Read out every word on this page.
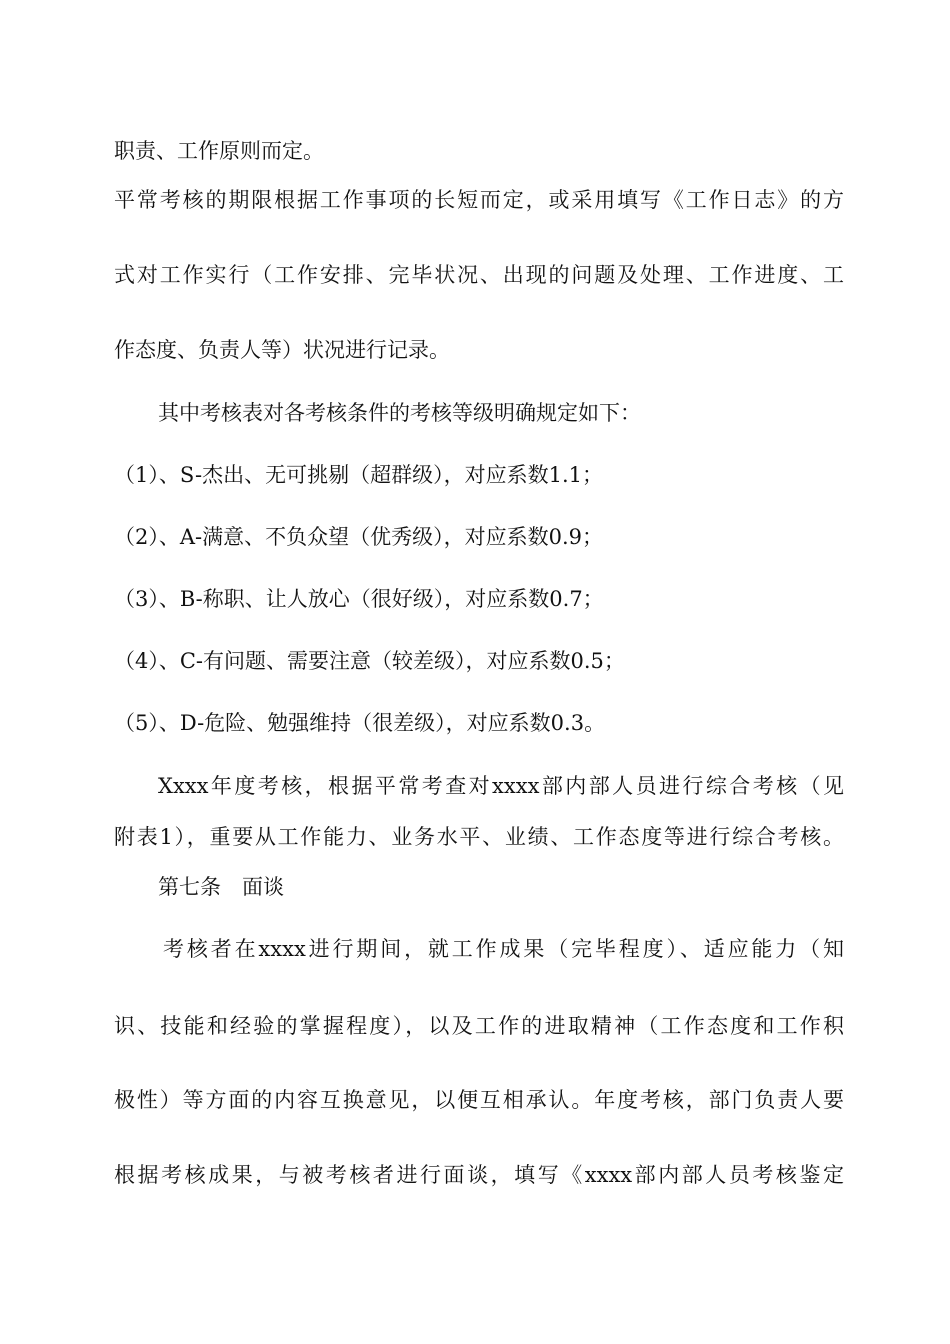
职责、工作原则而定。
平常考核的期限根据工作事项的长短而定，或采用填写《工作日志》的方
式对工作实行（工作安排、完毕状况、出现的问题及处理、工作进度、工
作态度、负责人等）状况进行记录。
其中考核表对各考核条件的考核等级明确规定如下：
（1）、S-杰出、无可挑剔（超群级），对应系数1.1；
（2）、A-满意、不负众望（优秀级），对应系数0.9；
（3）、B-称职、让人放心（很好级），对应系数0.7；
（4）、C-有问题、需要注意（较差级），对应系数0.5；
（5）、D-危险、勉强维持（很差级），对应系数0.3。
Xxxx年度考核，根据平常考查对xxxx部内部人员进行综合考核（见
附表1），重要从工作能力、业务水平、业绩、工作态度等进行综合考核。
第七条　面谈
考核者在xxxx进行期间，就工作成果（完毕程度）、适应能力（知
识、技能和经验的掌握程度），以及工作的进取精神（工作态度和工作积
极性）等方面的内容互换意见，以便互相承认。年度考核，部门负责人要
根据考核成果，与被考核者进行面谈，填写《xxxx部内部人员考核鉴定
